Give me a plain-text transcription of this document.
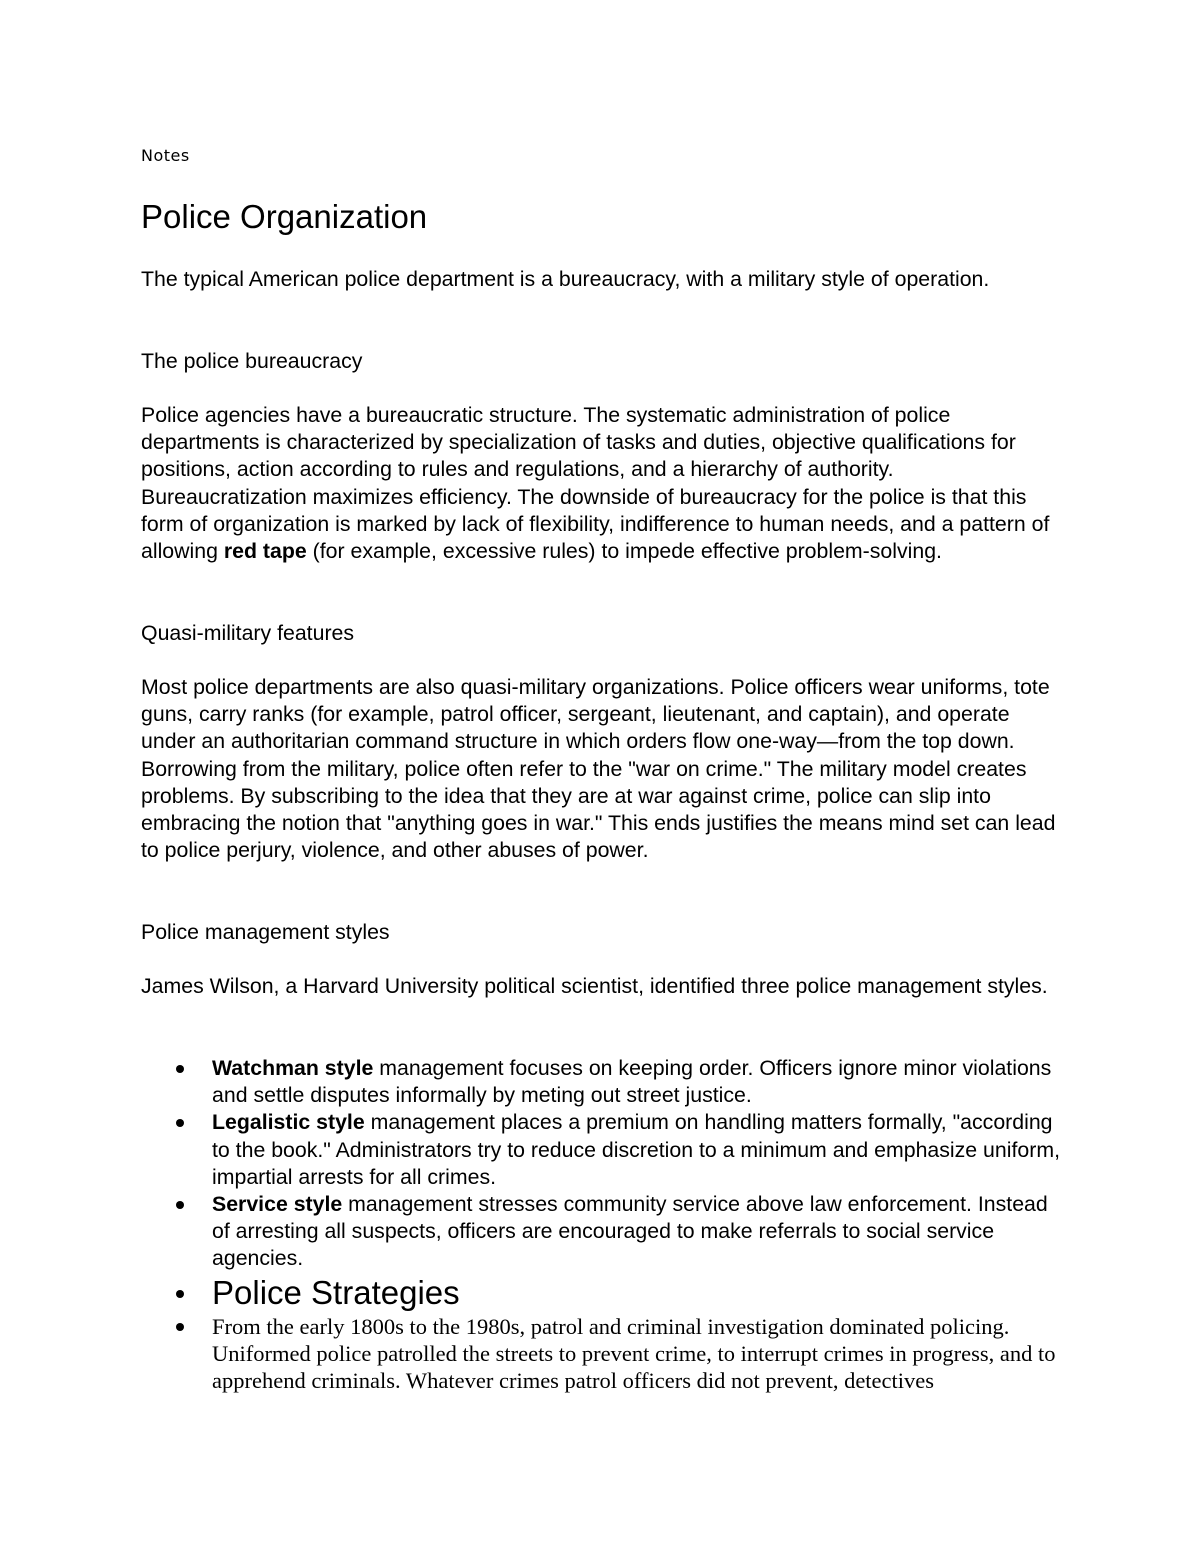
Notes
Police Organization

The typical American police department is a bureaucracy, with a military style of operation.

The police bureaucracy

Police agencies have a bureaucratic structure. The systematic administration of police departments is characterized by specialization of tasks and duties, objective qualifications for positions, action according to rules and regulations, and a hierarchy of authority. Bureaucratization maximizes efficiency. The downside of bureaucracy for the police is that this form of organization is marked by lack of flexibility, indifference to human needs, and a pattern of allowing red tape (for example, excessive rules) to impede effective problem-solving.

Quasi-military features

Most police departments are also quasi-military organizations. Police officers wear uniforms, tote guns, carry ranks (for example, patrol officer, sergeant, lieutenant, and captain), and operate under an authoritarian command structure in which orders flow one-way—from the top down. Borrowing from the military, police often refer to the "war on crime." The military model creates problems. By subscribing to the idea that they are at war against crime, police can slip into embracing the notion that "anything goes in war." This ends justifies the means mind set can lead to police perjury, violence, and other abuses of power.

Police management styles

James Wilson, a Harvard University political scientist, identified three police management styles.

Watchman style management focuses on keeping order. Officers ignore minor violations and settle disputes informally by meting out street justice.
Legalistic style management places a premium on handling matters formally, "according to the book." Administrators try to reduce discretion to a minimum and emphasize uniform, impartial arrests for all crimes.
Service style management stresses community service above law enforcement. Instead of arresting all suspects, officers are encouraged to make referrals to social service agencies.
Police Strategies
From the early 1800s to the 1980s, patrol and criminal investigation dominated policing. Uniformed police patrolled the streets to prevent crime, to interrupt crimes in progress, and to apprehend criminals. Whatever crimes patrol officers did not prevent, detectives
